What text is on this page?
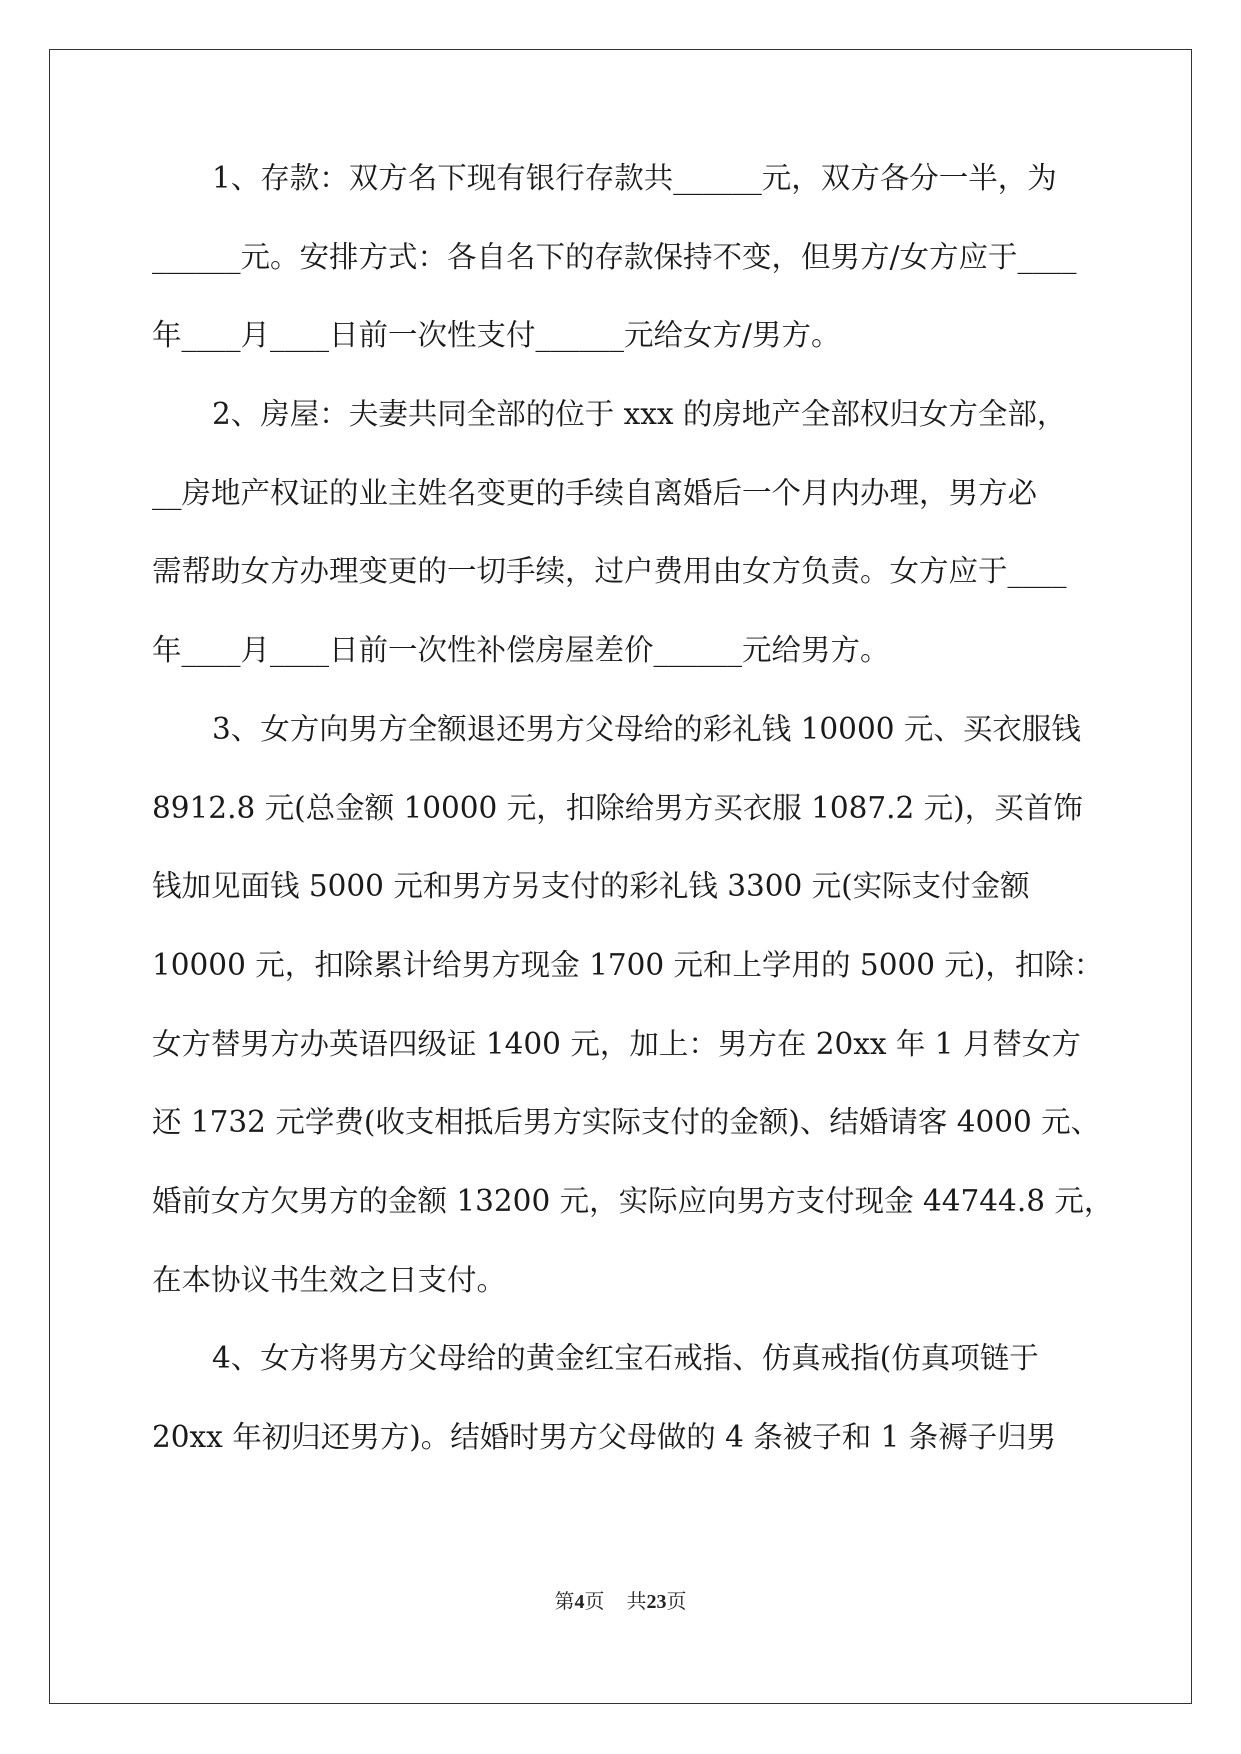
1、存款：双方名下现有银行存款共______元，双方各分一半，为
______元。安排方式：各自名下的存款保持不变，但男方/女方应于____
年____月____日前一次性支付______元给女方/男方。
2、房屋：夫妻共同全部的位于 xxx 的房地产全部权归女方全部，
__房地产权证的业主姓名变更的手续自离婚后一个月内办理，男方必
需帮助女方办理变更的一切手续，过户费用由女方负责。女方应于____
年____月____日前一次性补偿房屋差价______元给男方。
3、女方向男方全额退还男方父母给的彩礼钱 10000 元、买衣服钱
8912.8 元(总金额 10000 元，扣除给男方买衣服 1087.2 元)，买首饰
钱加见面钱 5000 元和男方另支付的彩礼钱 3300 元(实际支付金额
10000 元，扣除累计给男方现金 1700 元和上学用的 5000 元)，扣除：
女方替男方办英语四级证 1400 元，加上：男方在 20xx 年 1 月替女方
还 1732 元学费(收支相抵后男方实际支付的金额)、结婚请客 4000 元、
婚前女方欠男方的金额 13200 元，实际应向男方支付现金 44744.8 元，
在本协议书生效之日支付。
4、女方将男方父母给的黄金红宝石戒指、仿真戒指(仿真项链于
20xx 年初归还男方)。结婚时男方父母做的 4 条被子和 1 条褥子归男
第4页 共23页
